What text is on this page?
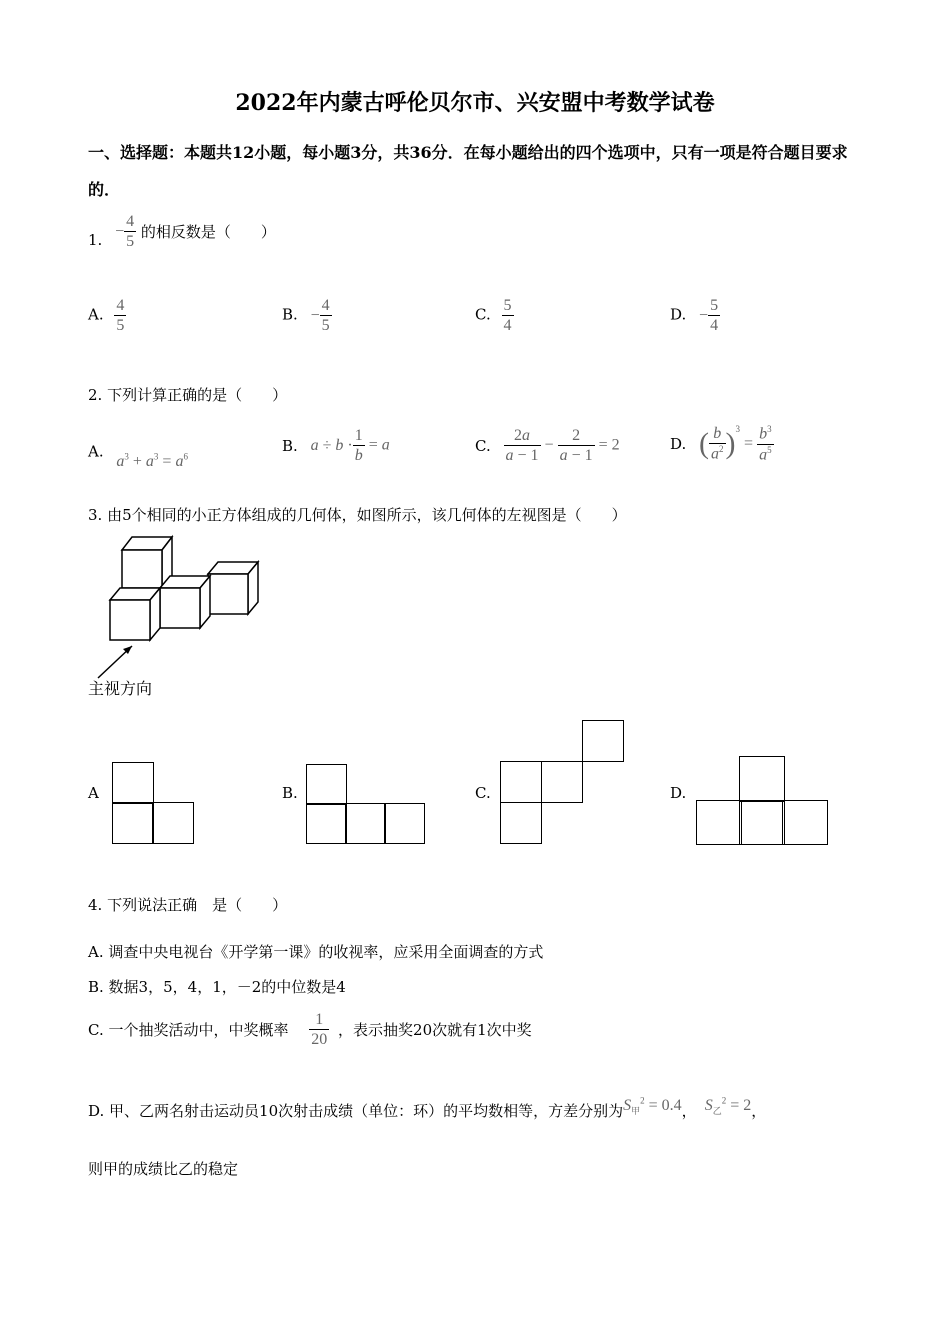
2022年内蒙古呼伦贝尔市、兴安盟中考数学试卷
一、选择题：本题共12小题，每小题3分，共36分．在每小题给出的四个选项中，只有一项是符合题目要求的．
1. − $\frac{4}{5}$ 的相反数是（　　）
A. $\frac{4}{5}$	B. − $\frac{4}{5}$	C. $\frac{5}{4}$	D. − $\frac{5}{4}$
2. 下列计算正确的是（　　）
A. $a^3 + a^3 = a^6$
B. $a \div b \cdot \frac{1}{b} = a$	C. $\frac{2a}{a - 1} - \frac{2}{a - 1} = 2$	D. ( $\frac{b}{a^2} )^3 = \frac{b^3}{a^5}$
3. 由5个相同的小正方体组成的几何体，如图所示，该几何体的左视图是（　　）
主视方向
A	B.	C.	D.
4. 下列说法正确　是（　　）
A. 调查中央电视台《开学第一课》的收视率，应采用全面调查的方式
B. 数据3，5，4，1，－2的中位数是4
C. 一个抽奖活动中，中奖概率 $\frac{1}{20}$ ，表示抽奖20次就有1次中奖
D. 甲、乙两名射击运动员10次射击成绩（单位：环）的平均数相等，方差分别为$S_甲^2 = 0.4$， $S_乙^2 = 2$，
则甲的成绩比乙的稳定
